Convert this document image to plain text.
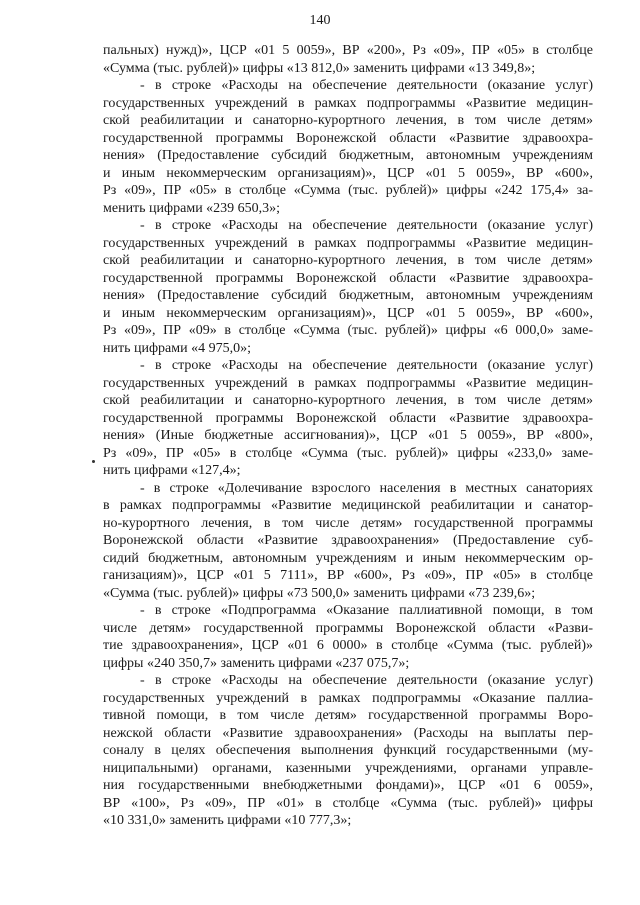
140
пальных) нужд)», ЦСР «01 5 0059», ВР «200», Рз «09», ПР «05» в столбце
«Сумма (тыс. рублей)» цифры «13 812,0» заменить цифрами «13 349,8»;
- в строке «Расходы на обеспечение деятельности (оказание услуг)
государственных учреждений в рамках подпрограммы «Развитие медицин-
ской реабилитации и санаторно-курортного лечения, в том числе детям»
государственной программы Воронежской области «Развитие здравоохра-
нения» (Предоставление субсидий бюджетным, автономным учреждениям
и иным некоммерческим организациям)», ЦСР «01 5 0059», ВР «600»,
Рз «09», ПР «05» в столбце «Сумма (тыс. рублей)» цифры «242 175,4» за-
менить цифрами «239 650,3»;
- в строке «Расходы на обеспечение деятельности (оказание услуг)
государственных учреждений в рамках подпрограммы «Развитие медицин-
ской реабилитации и санаторно-курортного лечения, в том числе детям»
государственной программы Воронежской области «Развитие здравоохра-
нения» (Предоставление субсидий бюджетным, автономным учреждениям
и иным некоммерческим организациям)», ЦСР «01 5 0059», ВР «600»,
Рз «09», ПР «09» в столбце «Сумма (тыс. рублей)» цифры «6 000,0» заме-
нить цифрами «4 975,0»;
- в строке «Расходы на обеспечение деятельности (оказание услуг)
государственных учреждений в рамках подпрограммы «Развитие медицин-
ской реабилитации и санаторно-курортного лечения, в том числе детям»
государственной программы Воронежской области «Развитие здравоохра-
нения» (Иные бюджетные ассигнования)», ЦСР «01 5 0059», ВР «800»,
Рз «09», ПР «05» в столбце «Сумма (тыс. рублей)» цифры «233,0» заме-
нить цифрами «127,4»;
- в строке «Долечивание взрослого населения в местных санаториях
в рамках подпрограммы «Развитие медицинской реабилитации и санатор-
но-курортного лечения, в том числе детям» государственной программы
Воронежской области «Развитие здравоохранения» (Предоставление суб-
сидий бюджетным, автономным учреждениям и иным некоммерческим ор-
ганизациям)», ЦСР «01 5 7111», ВР «600», Рз «09», ПР «05» в столбце
«Сумма (тыс. рублей)» цифры «73 500,0» заменить цифрами «73 239,6»;
- в строке «Подпрограмма «Оказание паллиативной помощи, в том
числе детям» государственной программы Воронежской области «Разви-
тие здравоохранения», ЦСР «01 6 0000» в столбце «Сумма (тыс. рублей)»
цифры «240 350,7» заменить цифрами «237 075,7»;
- в строке «Расходы на обеспечение деятельности (оказание услуг)
государственных учреждений в рамках подпрограммы «Оказание паллиа-
тивной помощи, в том числе детям» государственной программы Воро-
нежской области «Развитие здравоохранения» (Расходы на выплаты пер-
соналу в целях обеспечения выполнения функций государственными (му-
ниципальными) органами, казенными учреждениями, органами управле-
ния государственными внебюджетными фондами)», ЦСР «01 6 0059»,
ВР «100», Рз «09», ПР «01» в столбце «Сумма (тыс. рублей)» цифры
«10 331,0» заменить цифрами «10 777,3»;
